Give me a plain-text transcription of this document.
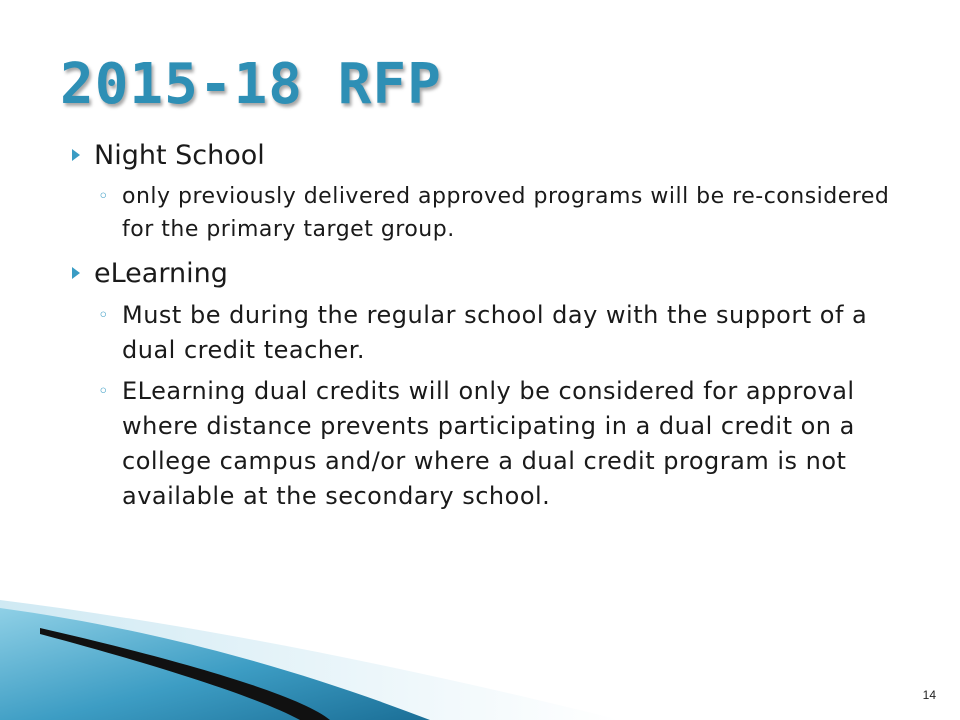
2015-18 RFP
Night School
◦ only previously delivered approved programs will be re-considered for the primary target group.
eLearning
◦ Must be during the regular school day with the support of a dual credit teacher.
◦ ELearning dual credits will only be considered for approval where distance prevents participating in a dual credit on a college campus and/or where a dual credit program is not available at the secondary school.
14
